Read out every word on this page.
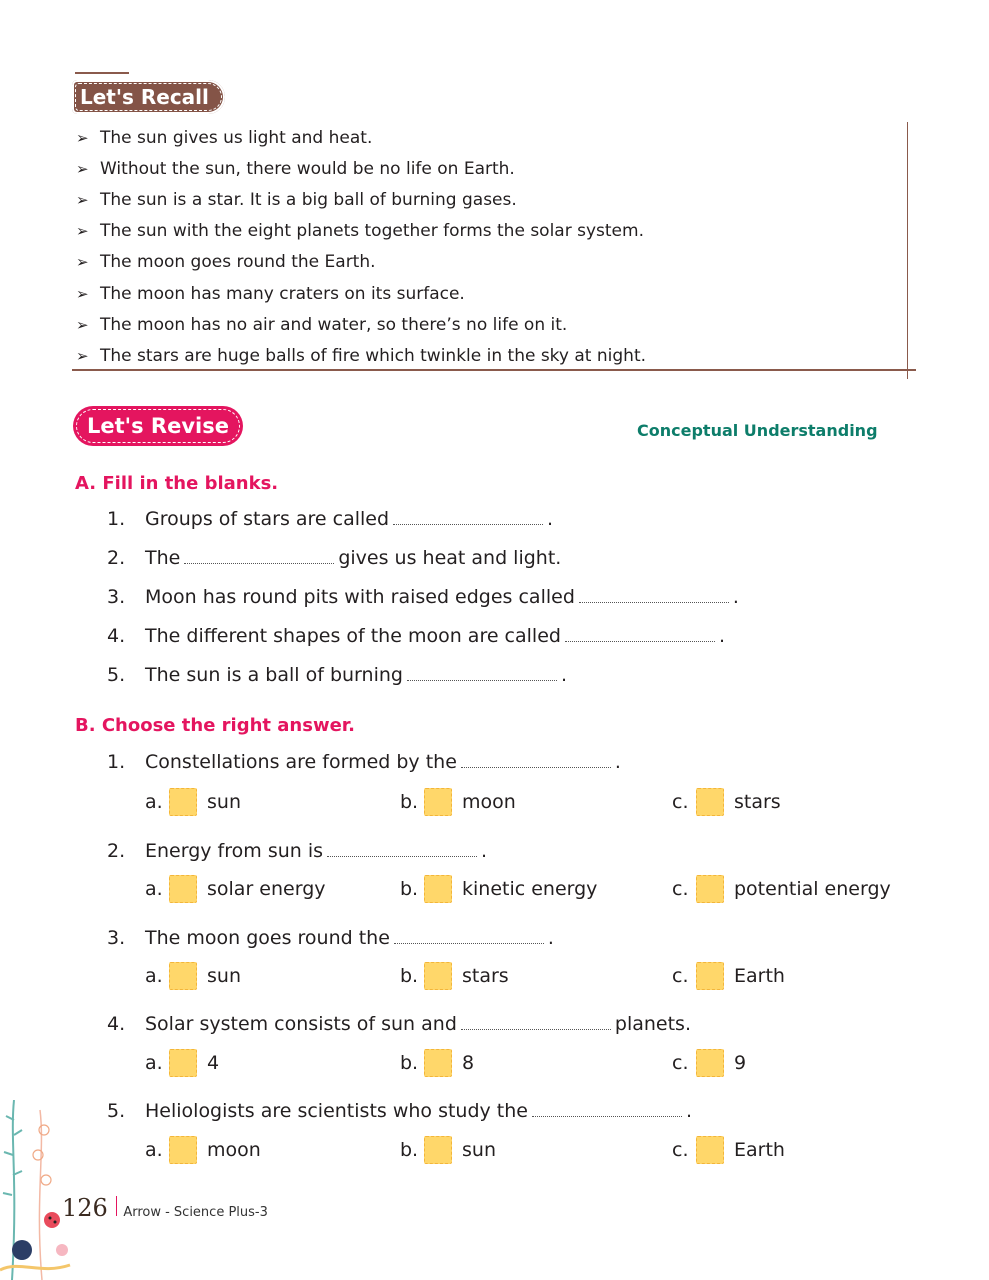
Let's Recall
➢ The sun gives us light and heat.
➢ Without the sun, there would be no life on Earth.
➢ The sun is a star. It is a big ball of burning gases.
➢ The sun with the eight planets together forms the solar system.
➢ The moon goes round the Earth.
➢ The moon has many craters on its surface.
➢ The moon has no air and water, so there’s no life on it.
➢ The stars are huge balls of fire which twinkle in the sky at night.
Let's Revise	Conceptual Understanding
A. Fill in the blanks.
1.	Groups of stars are called	.
2.	The	gives us heat and light.
3.	Moon has round pits with raised edges called	.
4.	The different shapes of the moon are called	.
5.	The sun is a ball of burning	.
B. Choose the right answer.
1.	Constellations are formed by the	.
a.	sun	b.	moon	c.	stars
2.	Energy from sun is	.
a.	solar energy	b.	kinetic energy	c.	potential energy
3.	The moon goes round the	.
a.	sun	b.	stars	c.	Earth
4.	Solar system consists of sun and	planets.
a.	4	b.	8	c.	9
5.	Heliologists are scientists who study the	.
a.	moon	b.	sun	c.	Earth
126 Arrow - Science Plus-3
